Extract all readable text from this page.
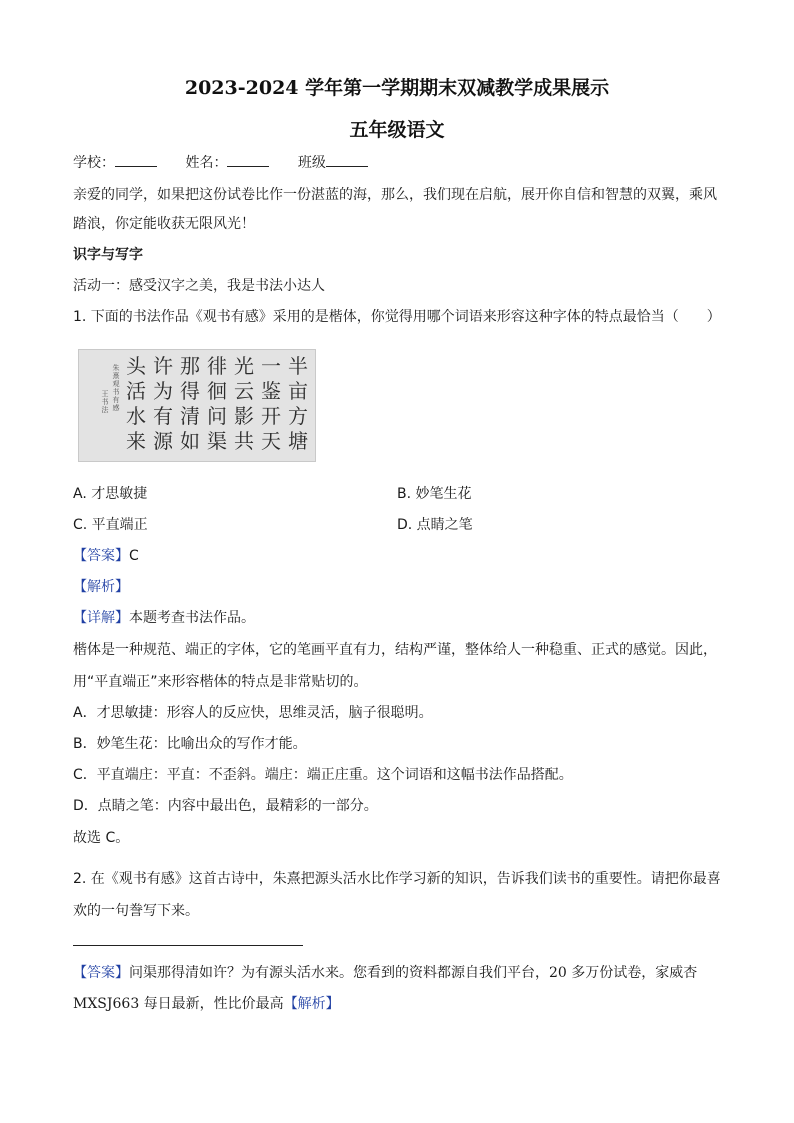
2023-2024 学年第一学期期末双减教学成果展示
五年级语文
学校：	姓名：	班级
亲爱的同学，如果把这份试卷比作一份湛蓝的海，那么，我们现在启航，展开你自信和智慧的双翼，乘风
踏浪，你定能收获无限风光！
识字与写字
活动一：感受汉字之美，我是书法小达人
1. 下面的书法作品《观书有感》采用的是楷体，你觉得用哪个词语来形容这种字体的特点最恰当（　　）
半
亩
方
塘
一
鉴
开
天
光
云
影
共
徘
徊
问
渠
那
得
清
如
许
为
有
源
头
活
水
来
朱
熹
观
书
有
感
王
书
法
A. 才思敏捷	B. 妙笔生花
C. 平直端正	D. 点睛之笔
【答案】C
【解析】
【详解】本题考查书法作品。
楷体是一种规范、端正的字体，它的笔画平直有力，结构严谨，整体给人一种稳重、正式的感觉。因此，
用“平直端正”来形容楷体的特点是非常贴切的。
A．才思敏捷：形容人的反应快，思维灵活，脑子很聪明。
B．妙笔生花：比喻出众的写作才能。
C．平直端庄：平直：不歪斜。端庄：端正庄重。这个词语和这幅书法作品搭配。
D．点睛之笔：内容中最出色，最精彩的一部分。
故选 C。
2. 在《观书有感》这首古诗中，朱熹把源头活水比作学习新的知识，告诉我们读书的重要性。请把你最喜
欢的一句誊写下来。
【答案】问渠那得清如许？为有源头活水来。您看到的资料都源自我们平台，20 多万份试卷，家威杏
MXSJ663 每日最新，性比价最高【解析】
